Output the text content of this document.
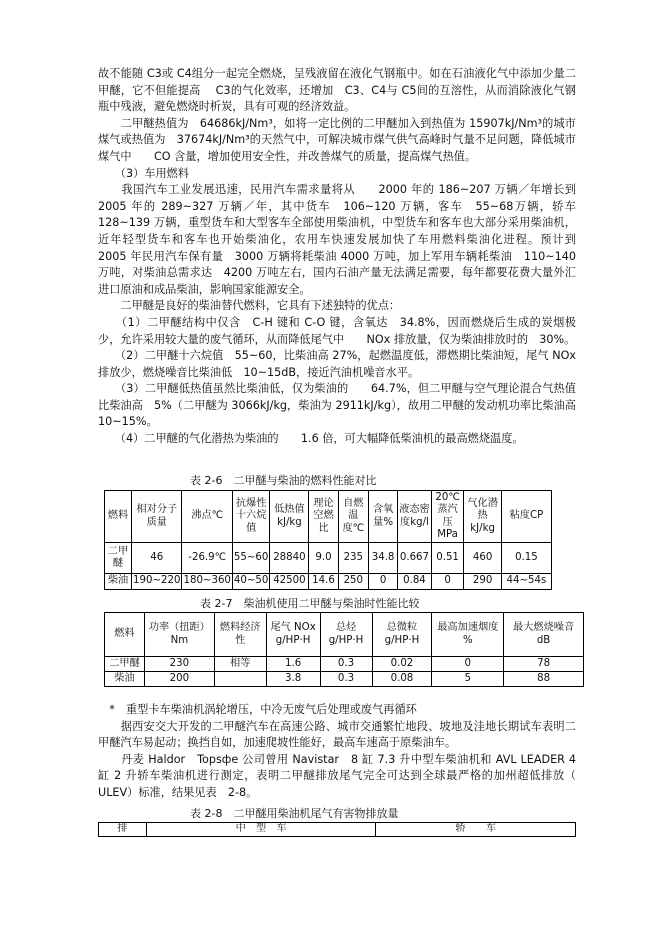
故不能随 C3或 C4组分一起完全燃烧，呈残液留在液化气钢瓶中。如在石油液化气中添加少量二甲醚，它不但能提高　 C3的气化效率，还增加　C3、C4与 C5间的互溶性，从而消除液化气钢瓶中残液，避免燃烧时析炭，具有可观的经济效益。

　　二甲醚热值为　64686kJ/Nm³，如将一定比例的二甲醚加入到热值为 15907kJ/Nm³的城市煤气或热值为　37674kJ/Nm³的天然气中，可解决城市煤气供气高峰时气量不足问题，降低城市煤气中　　CO 含量，增加使用安全性，并改善煤气的质量，提高煤气热值。

　　（3）车用燃料

　　我国汽车工业发展迅速，民用汽车需求量将从　　2000 年的 186~207 万辆／年增长到 2005 年的 289~327 万辆／年，其中货车　106~120 万辆，客车　55~68万辆，轿车　128~139 万辆，重型货车和大型客车全部使用柴油机，中型货车和客车也大部分采用柴油机，近年轻型货车和客车也开始柴油化，农用车快速发展加快了车用燃料柴油化进程。预计到　　2005 年民用汽车保有量　3000 万辆将耗柴油 4000 万吨，加上军用车辆耗柴油　110~140 万吨，对柴油总需求达　4200 万吨左右，国内石油产量无法满足需要，每年都要花费大量外汇进口原油和成品柴油，影响国家能源安全。

　　二甲醚是良好的柴油替代燃料，它具有下述独特的优点：

　　（1）二甲醚结构中仅含　C-H 键和 C-O 键，含氧达　34.8%，因而燃烧后生成的炭烟极少，允许采用较大量的废气循环，从而降低尾气中　　NOx 排放量，仅为柴油排放时的　30%。

　　（2）二甲醚十六烷值　55~60，比柴油高 27%，起燃温度低，滞燃期比柴油短，尾气 NOx 排放少，燃烧噪音比柴油低　10~15dB，接近汽油机噪音水平。

　　（3）二甲醚低热值虽然比柴油低，仅为柴油的　　64.7%，但二甲醚与空气理论混合气热值比柴油高　5%（二甲醚为 3066kJ/kg，柴油为 2911kJ/kg），故用二甲醚的发动机功率比柴油高　10~15%。

　　（4）二甲醚的气化潜热为柴油的　　1.6 倍，可大幅降低柴油机的最高燃烧温度。

表 2-6　二甲醚与柴油的燃料性能对比
燃料	相对分子质量	沸点℃	抗爆性十六烷值	低热值kJ/kg	理论空燃比	自燃温度℃	含氧量%	液态密度kg/l	20℃蒸汽压MPa	气化潜热kJ/kg	粘度CP
二甲醚	46	-26.9℃	55~60	28840	9.0	235	34.8	0.667	0.51	460	0.15
柴油	190~220	180~360	40~50	42500	14.6	250	0	0.84	0	290	44~54s
表 2-7　柴油机使用二甲醚与柴油时性能比较
燃料	功率（扭距）Nm	燃料经济性	尾气 NOx g/HP·H	总烃 g/HP·H	总微粒 g/HP·H	最高加速烟度 %	最大燃烧噪音 dB
二甲醚	230	相等	1.6	0.3	0.02	0	78
柴油	200		3.8	0.3	0.08	5	88

　*　重型卡车柴油机涡轮增压，中冷无废气后处理或废气再循环

　　据西安交大开发的二甲醚汽车在高速公路、城市交通繁忙地段、坡地及洼地长期试车表明二甲醚汽车易起动；换挡自如，加速爬坡性能好，最高车速高于原柴油车。

　　丹麦 Haldor　Topsфe 公司曾用 Navistar　8 缸 7.3 升中型车柴油机和 AVL LEADER 4 缸 2 升轿车柴油机进行测定，表明二甲醚排放尾气完全可达到全球最严格的加州超低排放（　ULEV）标准，结果见表　2-8。

表 2-8　二甲醚用柴油机尾气有害物排放量
排	中　型　车	轿　　车
